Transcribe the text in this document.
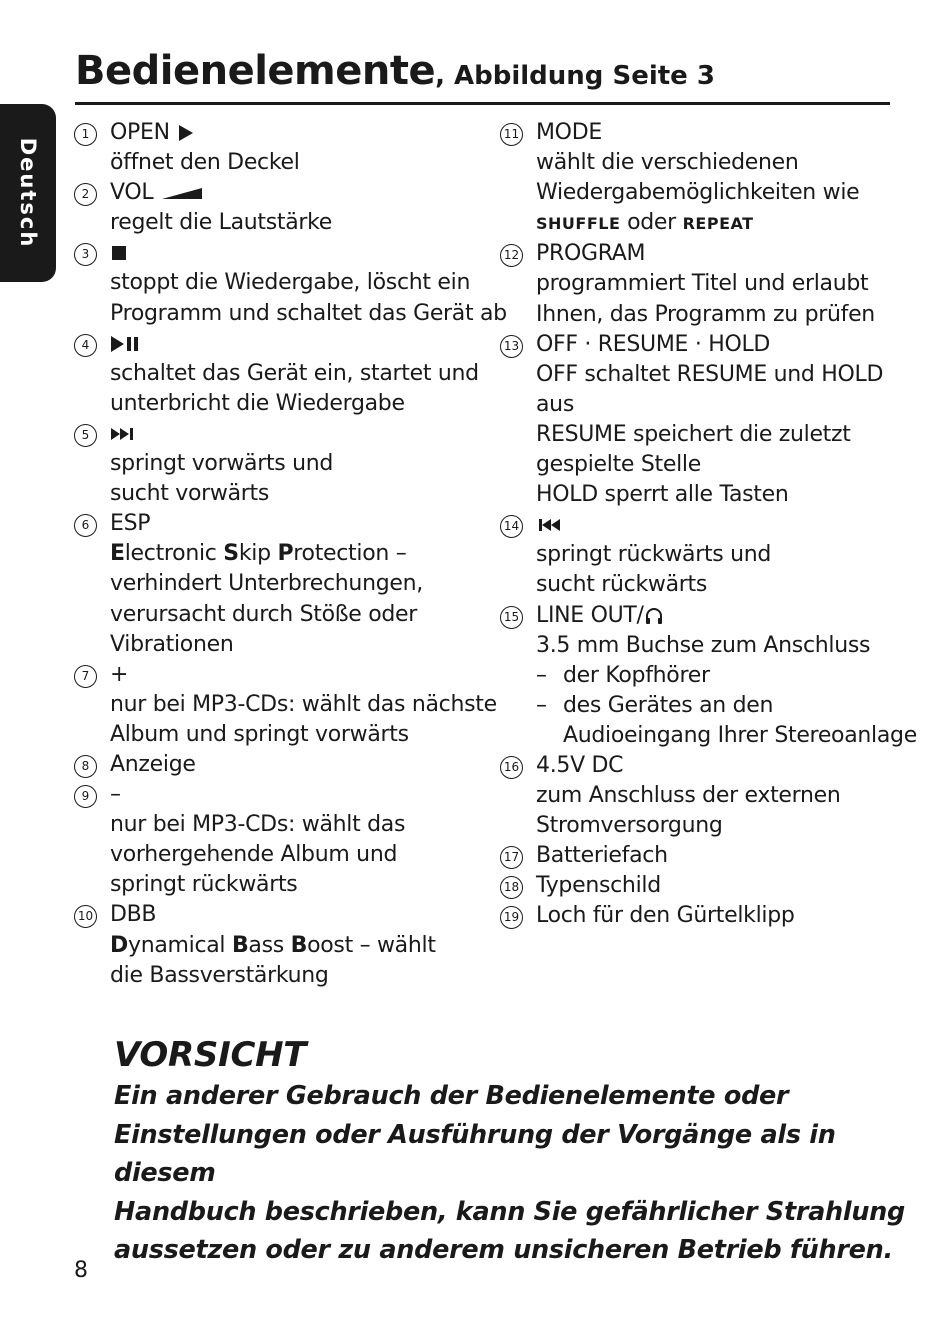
Deutsch
Bedienelemente, Abbildung Seite 3
1 OPEN
öffnet den Deckel
2 VOL
regelt die Lautstärke
3
stoppt die Wiedergabe, löscht ein
Programm und schaltet das Gerät ab
4
schaltet das Gerät ein, startet und
unterbricht die Wiedergabe
5
springt vorwärts und
sucht vorwärts
6 ESP
Electronic Skip Protection –
verhindert Unterbrechungen,
verursacht durch Stöße oder
Vibrationen
7 +
nur bei MP3-CDs: wählt das nächste
Album und springt vorwärts
8 Anzeige
9 –
nur bei MP3-CDs: wählt das
vorhergehende Album und
springt rückwärts
10 DBB
Dynamical Bass Boost – wählt
die Bassverstärkung
11 MODE
wählt die verschiedenen
Wiedergabemöglichkeiten wie
SHUFFLE oder REPEAT
12 PROGRAM
programmiert Titel und erlaubt
Ihnen, das Programm zu prüfen
13 OFF · RESUME · HOLD
OFF schaltet RESUME und HOLD
aus
RESUME speichert die zuletzt
gespielte Stelle
HOLD sperrt alle Tasten
14
springt rückwärts und
sucht rückwärts
15 LINE OUT/
3.5 mm Buchse zum Anschluss
– der Kopfhörer
– des Gerätes an den
Audioeingang Ihrer Stereoanlage
16 4.5V DC
zum Anschluss der externen
Stromversorgung
17 Batteriefach
18 Typenschild
19 Loch für den Gürtelklipp
VORSICHT
Ein anderer Gebrauch der Bedienelemente oder
Einstellungen oder Ausführung der Vorgänge als in diesem
Handbuch beschrieben, kann Sie gefährlicher Strahlung
aussetzen oder zu anderem unsicheren Betrieb führen.
8
